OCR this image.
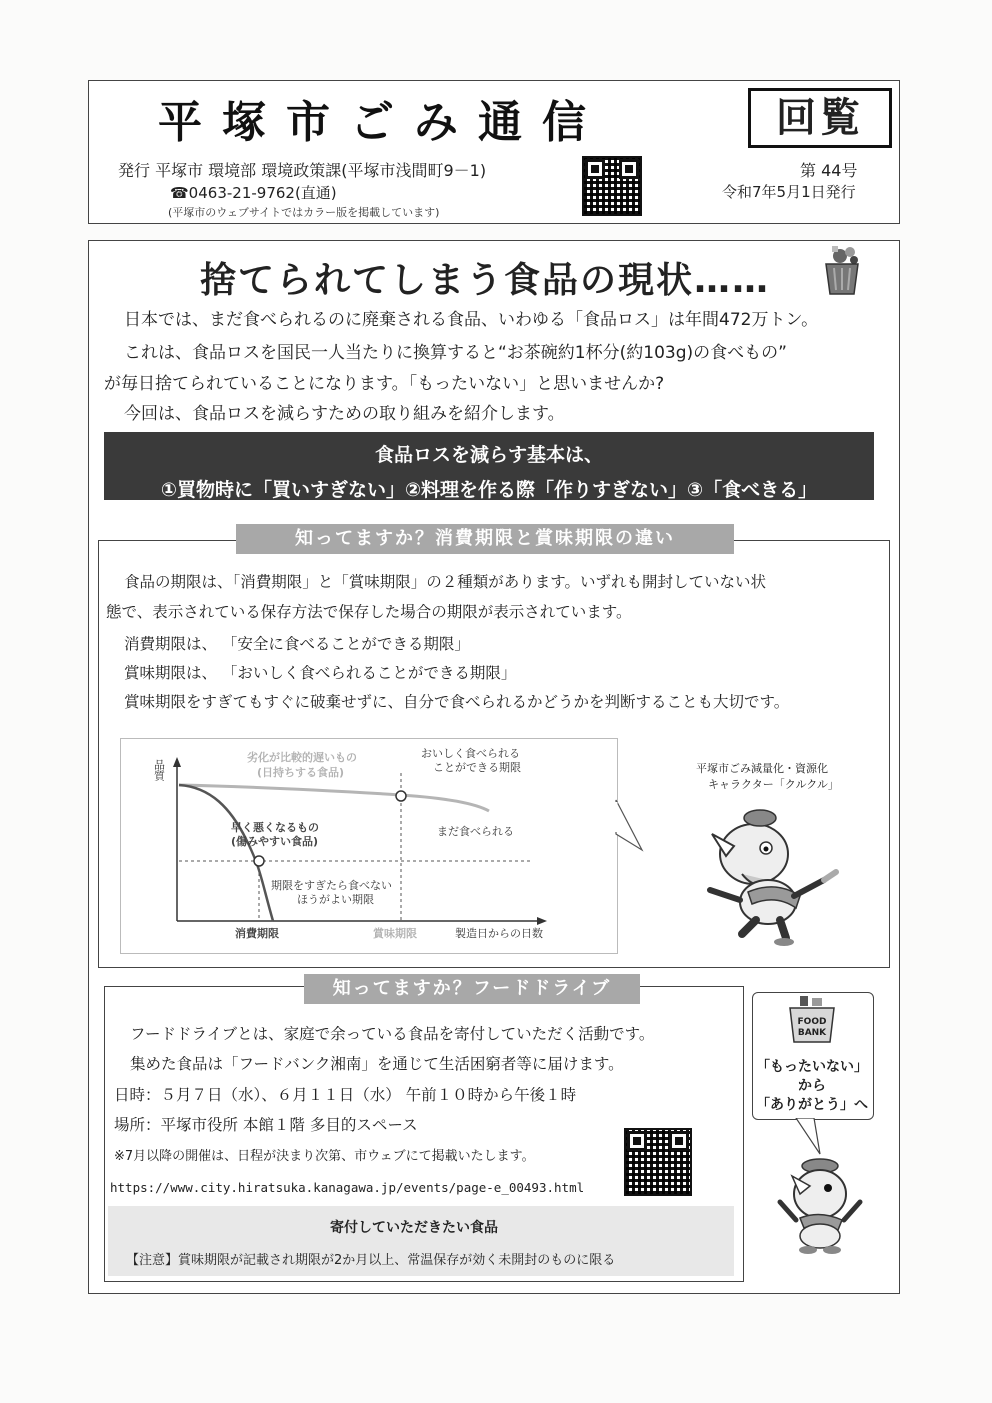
平塚市ごみ通信	回覧
発行 平塚市 環境部 環境政策課(平塚市浅間町9－1)
☎0463-21-9762(直通)
(平塚市のウェブサイトではカラー版を掲載しています)
第 44号
令和7年5月1日発行
捨てられてしまう食品の現状……
日本では、まだ食べられるのに廃棄される食品、いわゆる「食品ロス」は年間472万トン。
これは、食品ロスを国民一人当たりに換算すると“お茶碗約1杯分(約103g)の食べもの”
が毎日捨てられていることになります。「もったいない」と思いませんか?
今回は、食品ロスを減らすための取り組みを紹介します。
食品ロスを減らす基本は、
①買物時に「買いすぎない」②料理を作る際「作りすぎない」③「食べきる」
知ってますか？消費期限と賞味期限の違い
食品の期限は、「消費期限」と「賞味期限」の２種類があります。いずれも開封していない状
態で、表示されている保存方法で保存した場合の期限が表示されています。
消費期限は、 「安全に食べることができる期限」
賞味期限は、 「おいしく食べられることができる期限」
賞味期限をすぎてもすぐに破棄せずに、自分で食べられるかどうかを判断することも大切です。
品質
劣化が比較的遅いもの
(日持ちする食品)
早く悪くなるもの
(傷みやすい食品)
おいしく食べられる
ことができる期限
まだ食べられる
期限をすぎたら食べない
ほうがよい期限
消費期限	賞味期限	製造日からの日数
平塚市ごみ減量化・資源化
キャラクター「クルクル」
知ってますか？フードドライブ
フードドライブとは、家庭で余っている食品を寄付していただく活動です。
集めた食品は「フードバンク湘南」を通じて生活困窮者等に届けます。
日時：５月７日（水）、６月１１日（水） 午前１０時から午後１時
場所：平塚市役所 本館１階 多目的スペース
※7月以降の開催は、日程が決まり次第、市ウェブにて掲載いたします。
https://www.city.hiratsuka.kanagawa.jp/events/page-e_00493.html
寄付していただきたい食品
【注意】賞味期限が記載され期限が2か月以上、常温保存が効く未開封のものに限る
FOOD
BANK
「もったいない」
から
「ありがとう」へ
